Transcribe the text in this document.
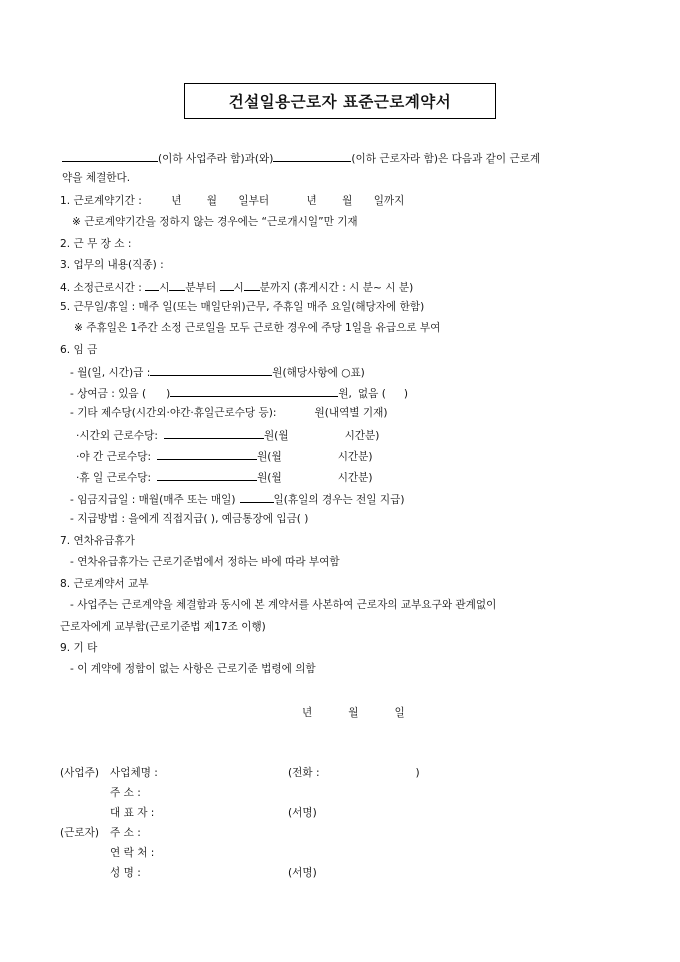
건설일용근로자 표준근로계약서
(이하 사업주라 함)과(와)	(이하 근로자라 함)은 다음과 같이 근로계
약을 체결한다.
1. 근로계약기간 :	년 월 일부터	년 월 일까지
※ 근로계약기간을 정하지 않는 경우에는 “근로개시일”만 기재
2. 근 무 장 소 :
3. 업무의 내용(직종) :
4. 소정근로시간 : 시 분부터 시 분까지 (휴게시간 : 시 분~ 시 분)
5. 근무일/휴일 : 매주 일(또는 매일단위)근무, 주휴일 매주 요일(해당자에 한함)
※ 주휴일은 1주간 소정 근로일을 모두 근로한 경우에 주당 1일을 유급으로 부여
6. 임 금
- 월(일, 시간)급 :	원(해당사항에 ○표)
- 상여금 : 있음 ( )	원, 없음 ( )
- 기타 제수당(시간외·야간·휴일근로수당 등):	원(내역별 기재)
·시간외 근로수당:	원(월	시간분)
·야 간 근로수당:	원(월	시간분)
·휴 일 근로수당:	원(월	시간분)
- 임금지급일 : 매월(매주 또는 매일)	일(휴일의 경우는 전일 지급)
- 지급방법 : 을에게 직접지급( ), 예금통장에 입금( )
7. 연차유급휴가
- 연차유급휴가는 근로기준법에서 정하는 바에 따라 부여함
8. 근로계약서 교부
- 사업주는 근로계약을 체결함과 동시에 본 계약서를 사본하여 근로자의 교부요구와 관계없이
근로자에게 교부함(근로기준법 제17조 이행)
9. 기 타
- 이 계약에 정함이 없는 사항은 근로기준 법령에 의함
년	월	일
(사업주) 사업체명 :	(전화 :	)
주 소 :
대 표 자 :	(서명)
(근로자) 주 소 :
연 락 처 :
성 명 :	(서명)
